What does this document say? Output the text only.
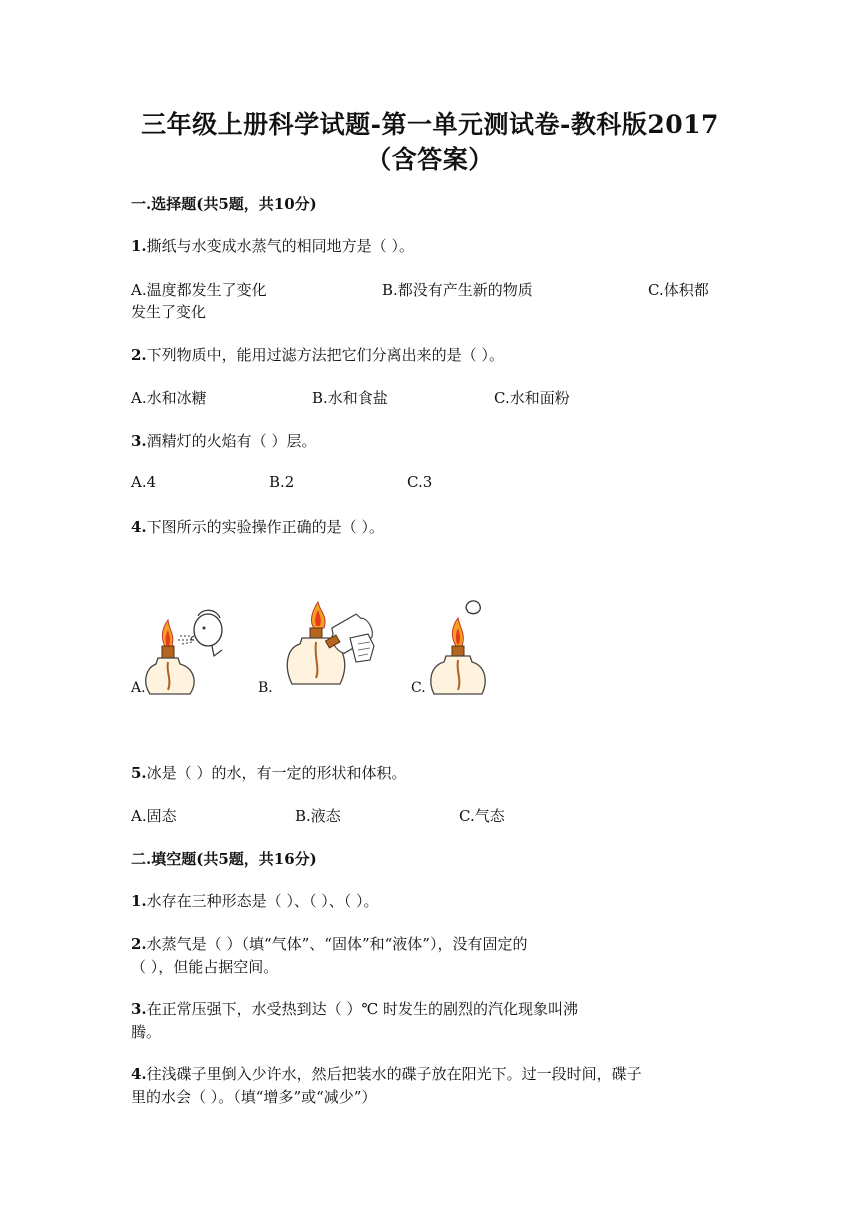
三年级上册科学试题-第一单元测试卷-教科版2017
（含答案）
一.选择题(共5题，共10分)
1.撕纸与水变成水蒸气的相同地方是（ ）。
A.温度都发生了变化	B.都没有产生新的物质	C.体积都
发生了变化
2.下列物质中，能用过滤方法把它们分离出来的是（ ）。
A.水和冰糖	B.水和食盐	C.水和面粉
3.酒精灯的火焰有（ ）层。
A.4	B.2	C.3
4.下图所示的实验操作正确的是（ ）。
A.	B.	C.
5.冰是（ ）的水，有一定的形状和体积。
A.固态	B.液态	C.气态
二.填空题(共5题，共16分)
1.水存在三种形态是（ ）、（ ）、（ ）。
2.水蒸气是（ ）（填“气体”、“固体”和“液体”），没有固定的
（ ），但能占据空间。
3.在正常压强下，水受热到达（ ）℃ 时发生的剧烈的汽化现象叫沸
腾。
4.往浅碟子里倒入少许水，然后把装水的碟子放在阳光下。过一段时间，碟子
里的水会（ ）。（填“增多”或“减少”）
